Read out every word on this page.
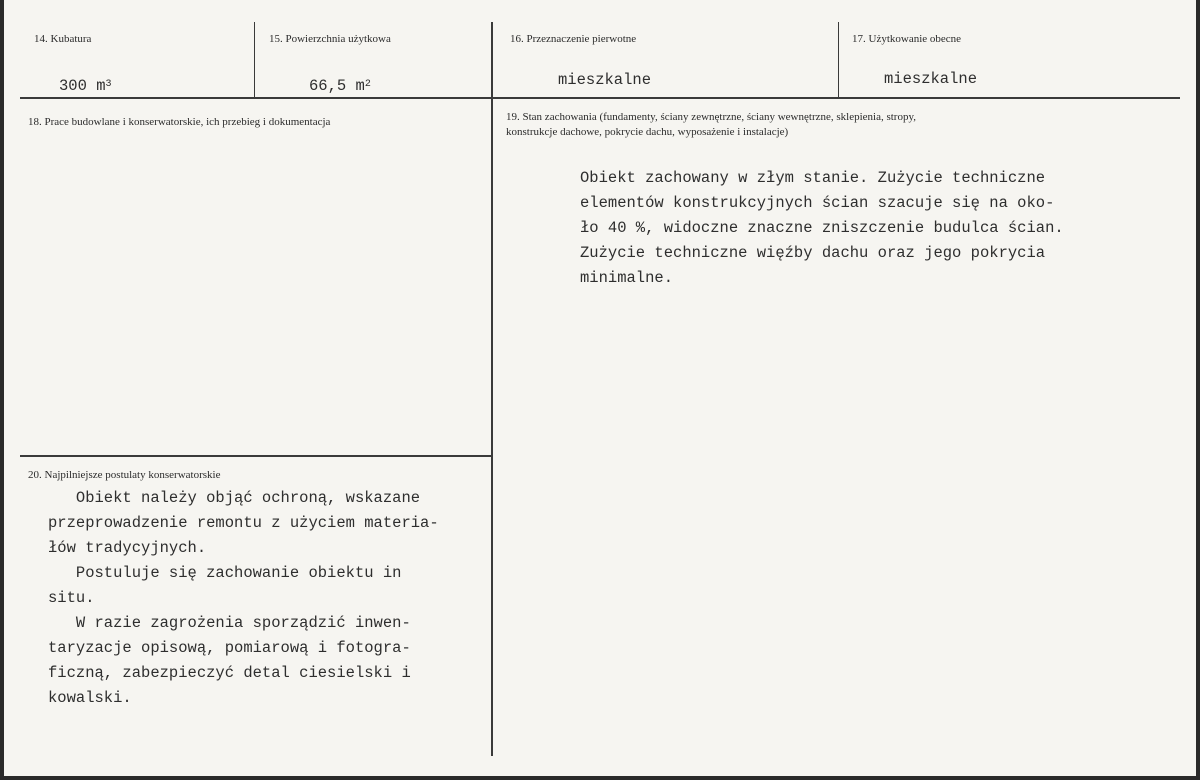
14. Kubatura
300 $m^3$
15. Powierzchnia użytkowa
66,5 $m^2$
16. Przeznaczenie pierwotne
mieszkalne
17. Użytkowanie obecne
mieszkalne
18. Prace budowlane i konserwatorskie, ich przebieg i dokumentacja	19. Stan zachowania (fundamenty, ściany zewnętrzne, ściany wewnętrzne, sklepienia, stropy,
konstrukcje dachowe, pokrycie dachu, wyposażenie i instalacje)
Obiekt zachowany w złym stanie. Zużycie techniczne
elementów konstrukcyjnych ścian szacuje się na oko-
ło 40 %, widoczne znaczne zniszczenie budulca ścian.
Zużycie techniczne więźby dachu oraz jego pokrycia
minimalne.
20. Najpilniejsze postulaty konserwatorskie
Obiekt należy objąć ochroną, wskazane
przeprowadzenie remontu z użyciem materia-
łów tradycyjnych.
Postuluje się zachowanie obiektu in
situ.
W razie zagrożenia sporządzić inwen-
taryzacje opisową, pomiarową i fotogra-
ficzną, zabezpieczyć detal ciesielski i
kowalski.
